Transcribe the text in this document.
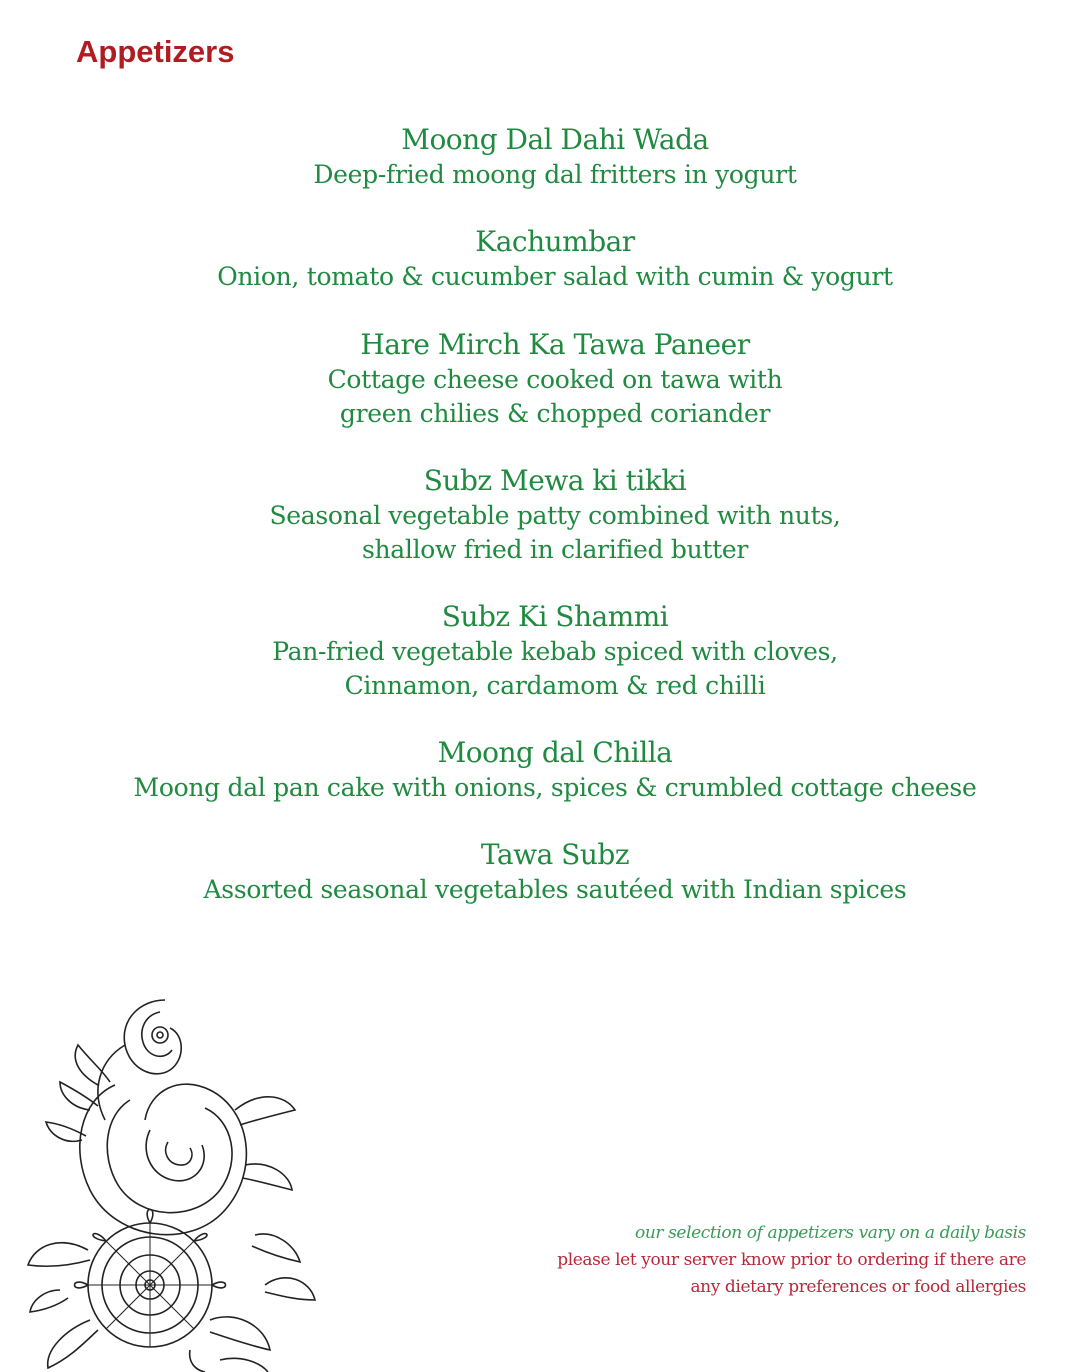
Appetizers
Moong Dal Dahi Wada
Deep-fried moong dal fritters in yogurt
Kachumbar
Onion, tomato & cucumber salad with cumin & yogurt
Hare Mirch Ka Tawa Paneer
Cottage cheese cooked on tawa with
green chilies & chopped coriander
Subz Mewa ki tikki
Seasonal vegetable patty combined with nuts,
shallow fried in clarified butter
Subz Ki Shammi
Pan-fried vegetable kebab spiced with cloves,
Cinnamon, cardamom & red chilli
Moong dal Chilla
Moong dal pan cake with onions, spices & crumbled cottage cheese
Tawa Subz
Assorted seasonal vegetables sautéed with Indian spices
our selection of appetizers vary on a daily basis
please let your server know prior to ordering if there are
any dietary preferences or food allergies
